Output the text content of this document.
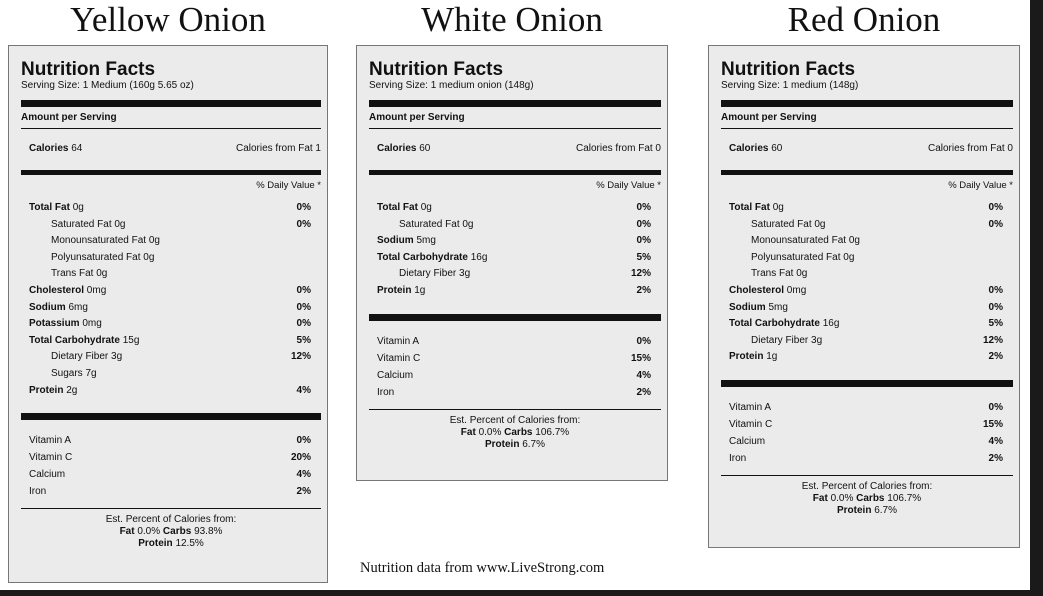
Yellow Onion	White Onion	Red Onion
Nutrition Facts
Serving Size: 1 Medium (160g 5.65 oz)
Amount per Serving
Calories 64	Calories from Fat 1
% Daily Value *
Total Fat 0g	0%
Saturated Fat 0g	0%
Monounsaturated Fat 0g
Polyunsaturated Fat 0g
Trans Fat 0g
Cholesterol 0mg	0%
Sodium 6mg	0%
Potassium 0mg	0%
Total Carbohydrate 15g	5%
Dietary Fiber 3g	12%
Sugars 7g
Protein 2g	4%
Vitamin A	0%
Vitamin C	20%
Calcium	4%
Iron	2%
Est. Percent of Calories from:
Fat 0.0% Carbs 93.8%
Protein 12.5%
Nutrition Facts
Serving Size: 1 medium onion (148g)
Amount per Serving
Calories 60	Calories from Fat 0
% Daily Value *
Total Fat 0g	0%
Saturated Fat 0g	0%
Sodium 5mg	0%
Total Carbohydrate 16g	5%
Dietary Fiber 3g	12%
Protein 1g	2%
Vitamin A	0%
Vitamin C	15%
Calcium	4%
Iron	2%
Est. Percent of Calories from:
Fat 0.0% Carbs 106.7%
Protein 6.7%
Nutrition Facts
Serving Size: 1 medium (148g)
Amount per Serving
Calories 60	Calories from Fat 0
% Daily Value *
Total Fat 0g	0%
Saturated Fat 0g	0%
Monounsaturated Fat 0g
Polyunsaturated Fat 0g
Trans Fat 0g
Cholesterol 0mg	0%
Sodium 5mg	0%
Total Carbohydrate 16g	5%
Dietary Fiber 3g	12%
Protein 1g	2%
Vitamin A	0%
Vitamin C	15%
Calcium	4%
Iron	2%
Est. Percent of Calories from:
Fat 0.0% Carbs 106.7%
Protein 6.7%
Nutrition data from www.LiveStrong.com
